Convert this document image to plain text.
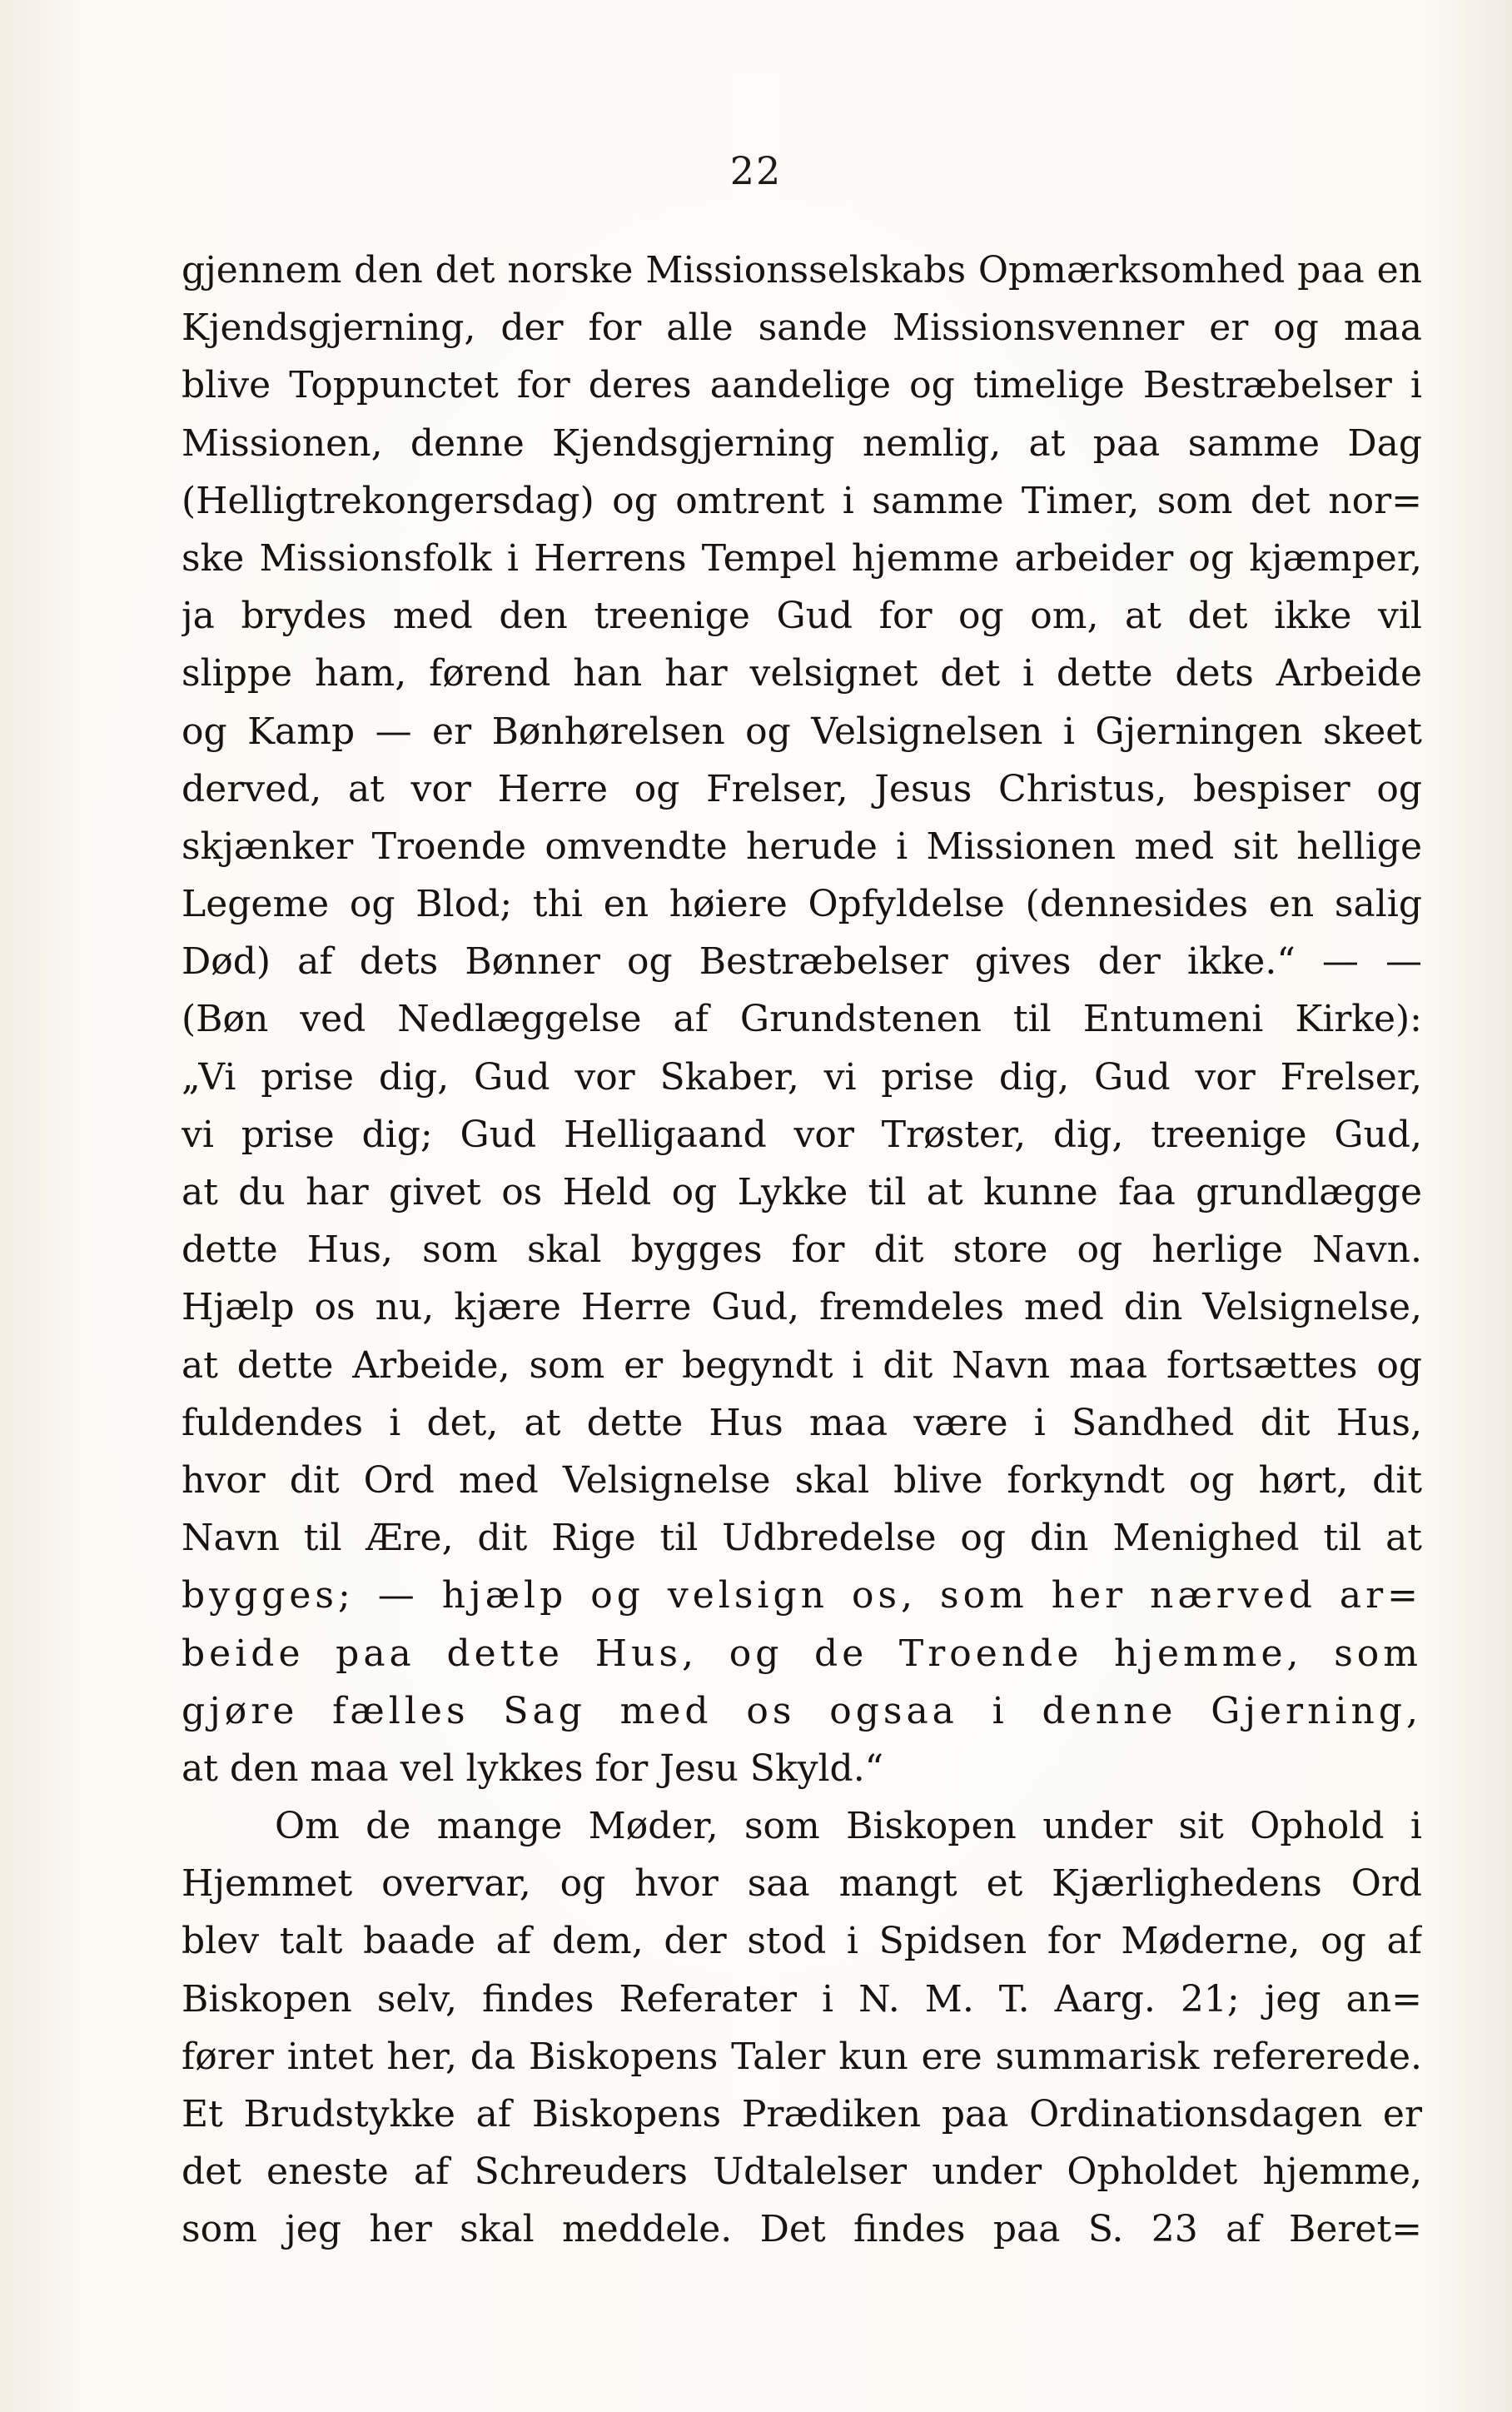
22
gjennem den det norske Missionsselskabs Opmærksomhed paa en
Kjendsgjerning, der for alle sande Missionsvenner er og maa
blive Toppunctet for deres aandelige og timelige Bestræbelser i
Missionen, denne Kjendsgjerning nemlig, at paa samme Dag
(Helligtrekongersdag) og omtrent i samme Timer, som det nor=
ske Missionsfolk i Herrens Tempel hjemme arbeider og kjæmper,
ja brydes med den treenige Gud for og om, at det ikke vil
slippe ham, førend han har velsignet det i dette dets Arbeide
og Kamp — er Bønhørelsen og Velsignelsen i Gjerningen skeet
derved, at vor Herre og Frelser, Jesus Christus, bespiser og
skjænker Troende omvendte herude i Missionen med sit hellige
Legeme og Blod; thi en høiere Opfyldelse (dennesides en salig
Død) af dets Bønner og Bestræbelser gives der ikke.“ — —
(Bøn ved Nedlæggelse af Grundstenen til Entumeni Kirke):
„Vi prise dig, Gud vor Skaber, vi prise dig, Gud vor Frelser,
vi prise dig; Gud Helligaand vor Trøster, dig, treenige Gud,
at du har givet os Held og Lykke til at kunne faa grundlægge
dette Hus, som skal bygges for dit store og herlige Navn.
Hjælp os nu, kjære Herre Gud, fremdeles med din Velsignelse,
at dette Arbeide, som er begyndt i dit Navn maa fortsættes og
fuldendes i det, at dette Hus maa være i Sandhed dit Hus,
hvor dit Ord med Velsignelse skal blive forkyndt og hørt, dit
Navn til Ære, dit Rige til Udbredelse og din Menighed til at
bygges; — hjælp og velsign os, som her nærved ar=
beide paa dette Hus, og de Troende hjemme, som
gjøre fælles Sag med os ogsaa i denne Gjerning,
at den maa vel lykkes for Jesu Skyld.“
Om de mange Møder, som Biskopen under sit Ophold i
Hjemmet overvar, og hvor saa mangt et Kjærlighedens Ord
blev talt baade af dem, der stod i Spidsen for Møderne, og af
Biskopen selv, findes Referater i N. M. T. Aarg. 21; jeg an=
fører intet her, da Biskopens Taler kun ere summarisk refererede.
Et Brudstykke af Biskopens Prædiken paa Ordinationsdagen er
det eneste af Schreuders Udtalelser under Opholdet hjemme,
som jeg her skal meddele. Det findes paa S. 23 af Beret=
